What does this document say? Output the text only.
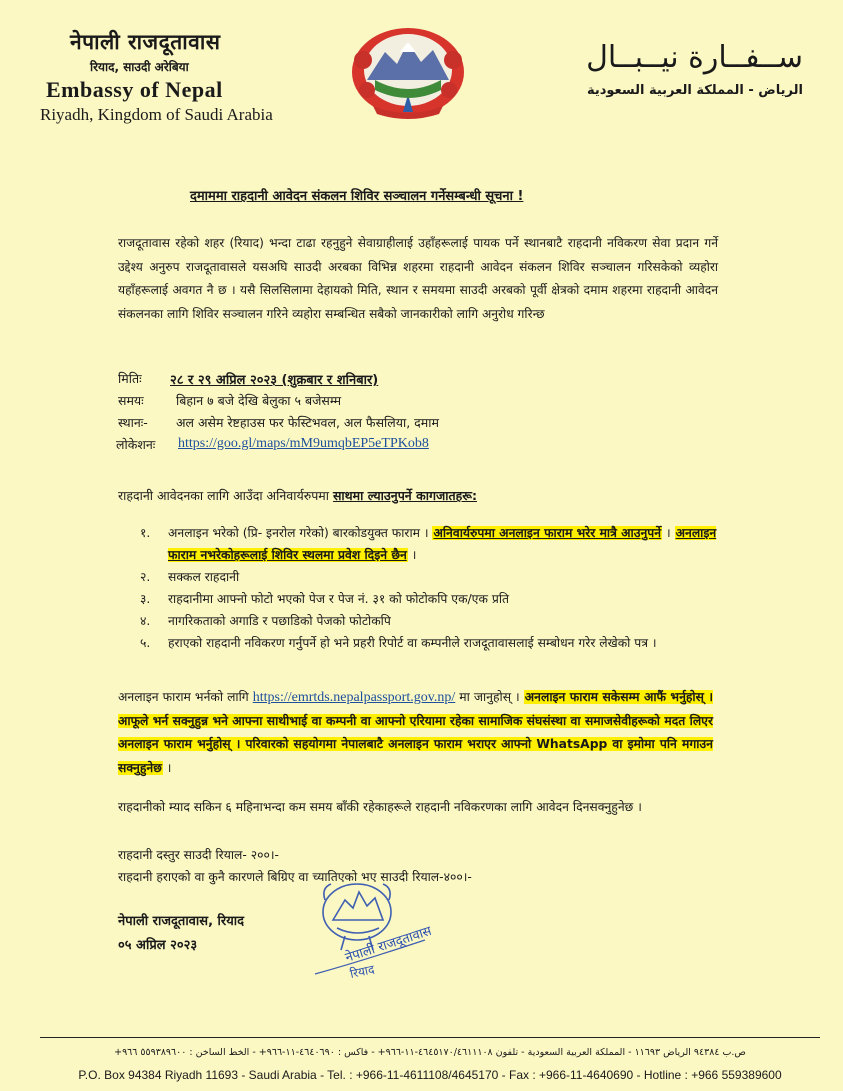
नेपाली राजदूतावास
रियाद, साउदी अरेबिया
Embassy of Nepal
Riyadh, Kingdom of Saudi Arabia
ســفــارة نيــبــال
الرياض - المملكة العربية السعودية
दमाममा राहदानी आवेदन संकलन शिविर सञ्चालन गर्नेसम्बन्धी सूचना !
राजदूतावास रहेको शहर (रियाद) भन्दा टाढा रहनुहुने सेवाग्राहीलाई उहाँहरूलाई पायक पर्ने स्थानबाटै राहदानी नविकरण सेवा प्रदान गर्ने उद्देश्य अनुरुप राजदूतावासले यसअघि साउदी अरबका विभिन्न शहरमा राहदानी आवेदन संकलन शिविर सञ्चालन गरिसकेको व्यहोरा यहाँहरूलाई अवगत नै छ । यसै सिलसिलामा देहायको मिति, स्थान र समयमा साउदी अरबको पूर्वी क्षेत्रको दमाम शहरमा राहदानी आवेदन संकलनका लागि शिविर सञ्चालन गरिने व्यहोरा सम्बन्धित सबैको जानकारीको लागि अनुरोध गरिन्छ
मितिः २८ र २९ अप्रिल २०२३ (शुक्रबार र शनिबार)
समयः	बिहान ७ बजे देखि बेलुका ५ बजेसम्म
स्थानः- अल असेम रेष्टहाउस फर फेस्टिभवल, अल फैसलिया, दमाम
लोकेशनः https://goo.gl/maps/mM9umqbEP5eTPKob8
राहदानी आवेदनका लागि आउँदा अनिवार्यरुपमा साथमा ल्याउनुपर्ने कागजातहरू:
१. अनलाइन भरेको (प्रि- इनरोल गरेको) बारकोडयुक्त फाराम । अनिवार्यरुपमा अनलाइन फाराम भरेर मात्रै आउनुपर्ने । अनलाइन फाराम नभरेकोहरूलाई शिविर स्थलमा प्रवेश दिइने छैन ।
२. सक्कल राहदानी
३. राहदानीमा आफ्नो फोटो भएको पेज र पेज नं. ३१ को फोटोकपि एक/एक प्रति
४. नागरिकताको अगाडि र पछाडिको पेजको फोटोकपि
५. हराएको राहदानी नविकरण गर्नुपर्ने हो भने प्रहरी रिपोर्ट वा कम्पनीले राजदूतावासलाई सम्बोधन गरेर लेखेको पत्र ।
अनलाइन फाराम भर्नको लागि https://emrtds.nepalpassport.gov.np/ मा जानुहोस् । अनलाइन फाराम सकेसम्म आफैं भर्नुहोस् । आफूले भर्न सक्नुहुन्न भने आफ्ना साथीभाई वा कम्पनी वा आफ्नो एरियामा रहेका सामाजिक संघसंस्था वा समाजसेवीहरूको मदत लिएर अनलाइन फाराम भर्नुहोस् । परिवारको सहयोगमा नेपालबाटै अनलाइन फाराम भराएर आफ्नो WhatsApp वा इमोमा पनि मगाउन सक्नुहुनेछ ।
राहदानीको म्याद सकिन ६ महिनाभन्दा कम समय बाँकी रहेकाहरूले राहदानी नविकरणका लागि आवेदन दिनसक्नुहुनेछ ।
राहदानी दस्तुर साउदी रियाल- २००।-
राहदानी हराएको वा कुनै कारणले बिग्रिए वा च्यातिएको भए साउदी रियाल-४००।-
नेपाली राजदूतावास, रियाद
०५ अप्रिल २०२३	नेपाली राजदूतावास
रियाद
ص.ب ٩٤٣٨٤ الرياض ١١٦٩٣ - المملكة العربية السعودية - تلفون ٤٦٤٥١٧٠/٤٦١١١٠٨-١١-٩٦٦+ - فاكس : ٤٦٤٠٦٩٠-١١-٩٦٦+ - الخط الساخن : ٥٥٩٣٨٩٦٠٠ ٩٦٦+
P.O. Box 94384 Riyadh 11693 - Saudi Arabia - Tel. : +966-11-4611108/4645170 - Fax : +966-11-4640690 - Hotline : +966 559389600
